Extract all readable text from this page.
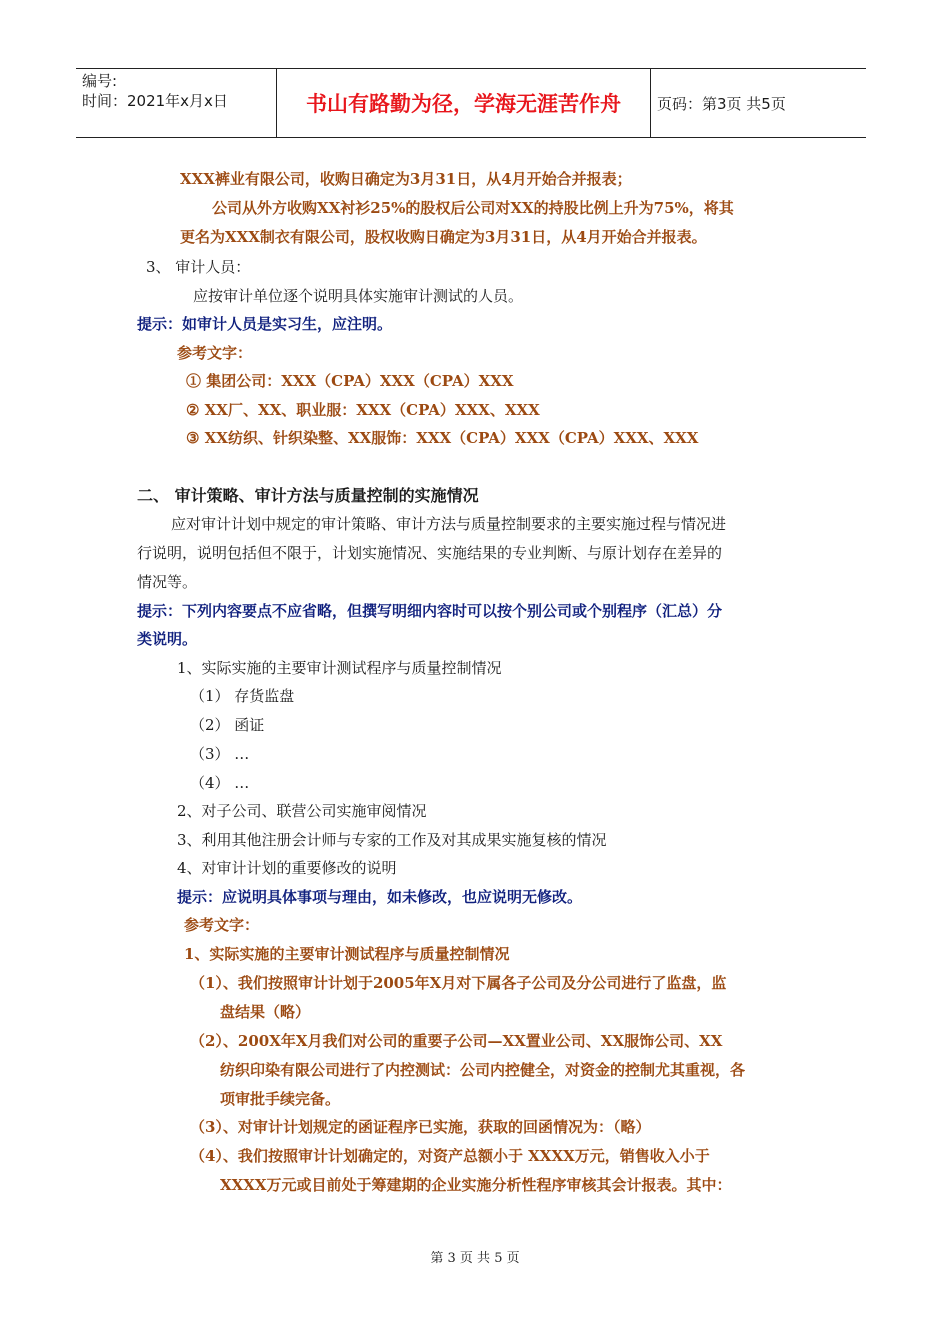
编号:
时间：2021年x月x日	书山有路勤为径，学海无涯苦作舟	页码：第3页 共5页
XXX裤业有限公司，收购日确定为3月31日，从4月开始合并报表；
公司从外方收购XX衬衫25%的股权后公司对XX的持股比例上升为75%，将其
更名为XXX制衣有限公司，股权收购日确定为3月31日，从4月开始合并报表。
3、 审计人员：
应按审计单位逐个说明具体实施审计测试的人员。
提示：如审计人员是实习生，应注明。
参考文字：
① 集团公司：XXX（CPA）XXX（CPA）XXX
② XX厂、XX、职业服：XXX（CPA）XXX、XXX
③ XX纺织、针织染整、XX服饰：XXX（CPA）XXX（CPA）XXX、XXX
二、 审计策略、审计方法与质量控制的实施情况
应对审计计划中规定的审计策略、审计方法与质量控制要求的主要实施过程与情况进
行说明，说明包括但不限于，计划实施情况、实施结果的专业判断、与原计划存在差异的
情况等。
提示：下列内容要点不应省略，但撰写明细内容时可以按个别公司或个别程序（汇总）分
类说明。
1、实际实施的主要审计测试程序与质量控制情况
（1） 存货监盘
（2） 函证
（3） …
（4） …
2、对子公司、联营公司实施审阅情况
3、利用其他注册会计师与专家的工作及对其成果实施复核的情况
4、对审计计划的重要修改的说明
提示：应说明具体事项与理由，如未修改，也应说明无修改。
参考文字：
1、实际实施的主要审计测试程序与质量控制情况
（1）、我们按照审计计划于2005年X月对下属各子公司及分公司进行了监盘，监
盘结果（略）
（2）、200X年X月我们对公司的重要子公司—XX置业公司、XX服饰公司、XX
纺织印染有限公司进行了内控测试：公司内控健全，对资金的控制尤其重视，各
项审批手续完备。
（3）、对审计计划规定的函证程序已实施，获取的回函情况为：（略）
（4）、我们按照审计计划确定的，对资产总额小于 XXXX万元，销售收入小于
XXXX万元或目前处于筹建期的企业实施分析性程序审核其会计报表。其中：
第 3 页 共 5 页
